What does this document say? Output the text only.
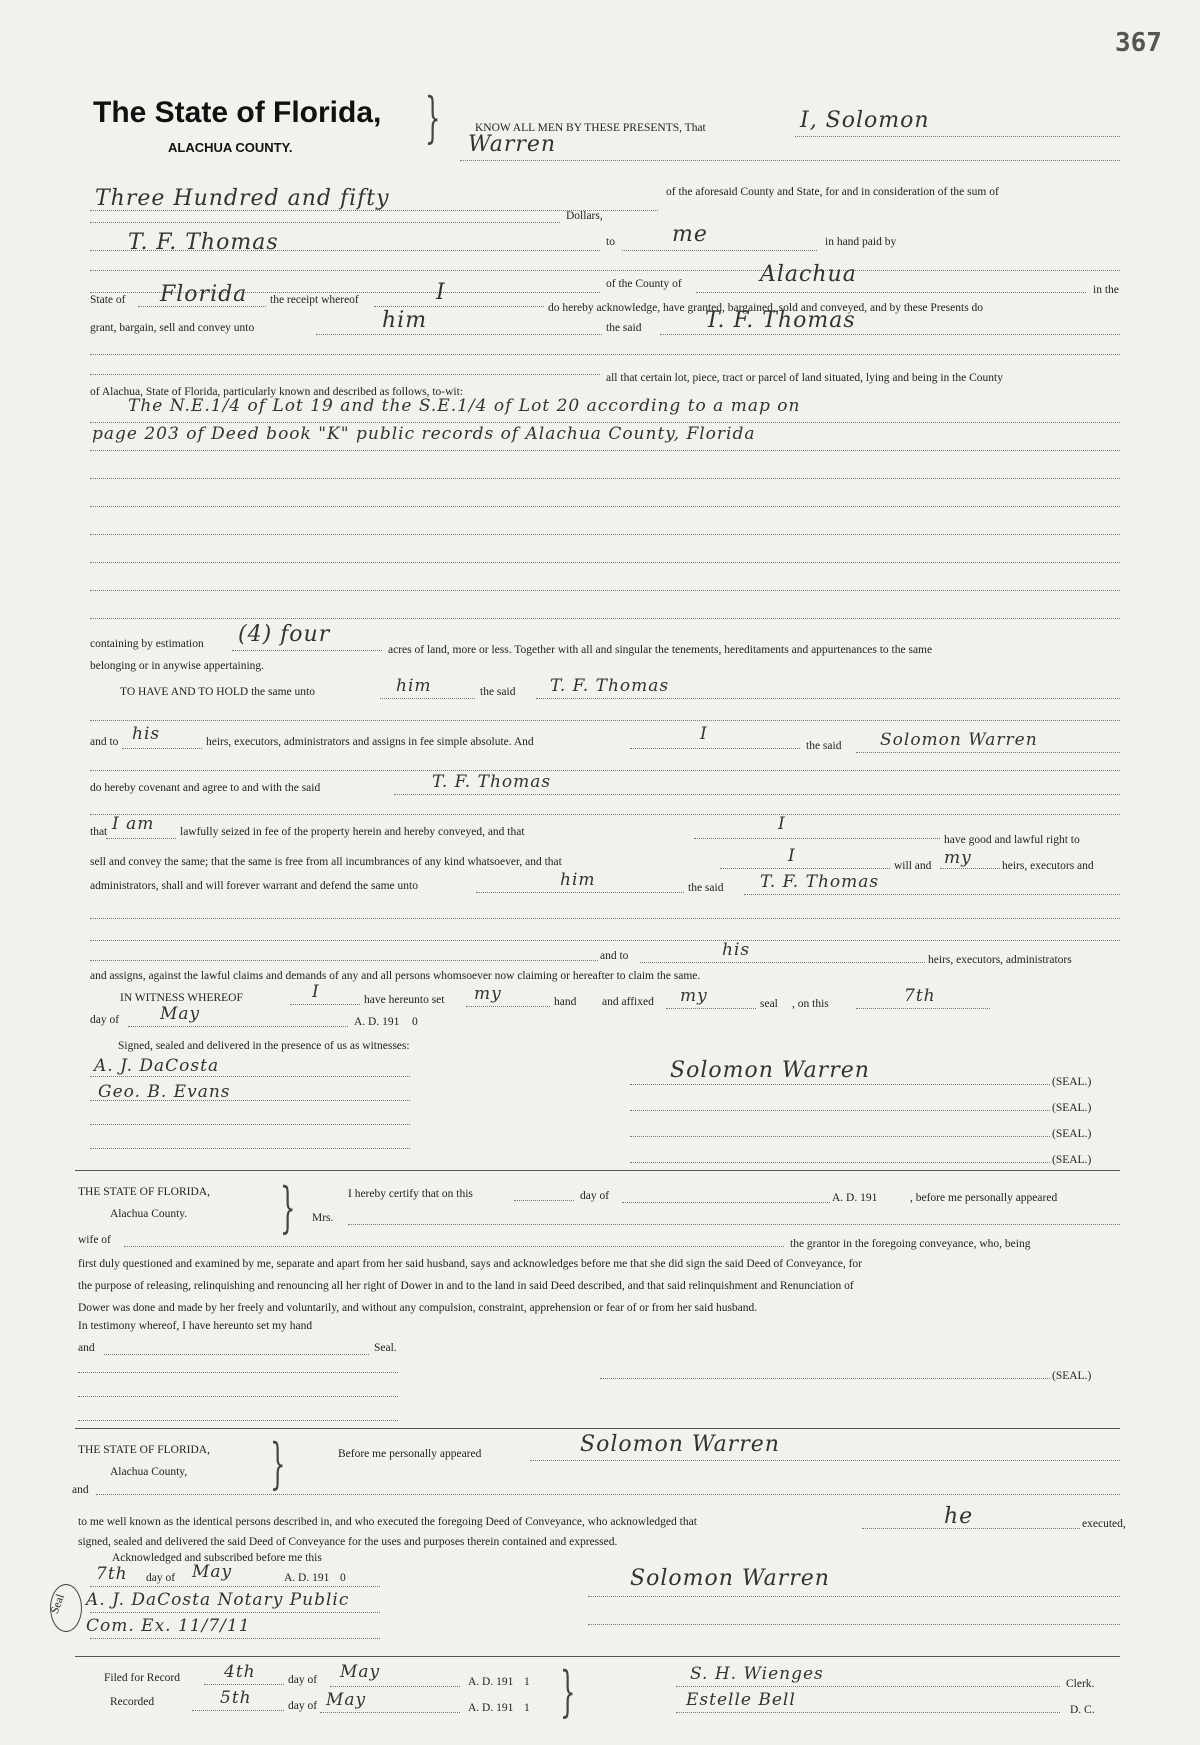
367
The State of Florida,
ALACHUA COUNTY. }	KNOW ALL MEN BY THESE PRESENTS, That	I, Solomon
Warren
Three Hundred and fifty	of the aforesaid County and State, for and in consideration of the sum of
Dollars,
T. F. Thomas	to	me	in hand paid by
of the County of	Alachua
in the
State of Florida the receipt whereof	I
do hereby acknowledge, have granted, bargained, sold and conveyed, and by these Presents do
grant, bargain, sell and convey unto	him	the said	T. F. Thomas
all that certain lot, piece, tract or parcel of land situated, lying and being in the County
of Alachua, State of Florida, particularly known and described as follows, to-wit:
The N.E.1/4 of Lot 19 and the S.E.1/4 of Lot 20 according to a map on
page 203 of Deed book "K" public records of Alachua County, Florida
containing by estimation (4) four
acres of land, more or less. Together with all and singular the tenements, hereditaments and appurtenances to the same
belonging or in anywise appertaining.
TO HAVE AND TO HOLD the same unto	him	the said T. F. Thomas
and to his	heirs, executors, administrators and assigns in fee simple absolute. And	I
the said Solomon Warren
do hereby covenant and agree to and with the said	T. F. Thomas
that I am lawfully seized in fee of the property herein and hereby conveyed, and that	I
have good and lawful right to
sell and convey the same; that the same is free from all incumbrances of any kind whatsoever, and that	I	will and my	heirs, executors and
administrators, shall and will forever warrant and defend the same unto	him	the said T. F. Thomas
and to	his	heirs, executors, administrators
and assigns, against the lawful claims and demands of any and all persons whomsoever now claiming or hereafter to claim the same.
IN WITNESS WHEREOF	I	have hereunto set my	hand and affixed my	seal , on this	7th
day of May	A. D. 191 0
Signed, sealed and delivered in the presence of us as witnesses:
A. J. DaCosta
Geo. B. Evans
Solomon Warren	(SEAL.)
(SEAL.)
(SEAL.)
(SEAL.)
THE STATE OF FLORIDA,
Alachua County. }	I hereby certify that on this	day of	A. D. 191	, before me personally appeared
Mrs.
wife of	the grantor in the foregoing conveyance, who, being
first duly questioned and examined by me, separate and apart from her said husband, says and acknowledges before me that she did sign the said Deed of Conveyance, for
the purpose of releasing, relinquishing and renouncing all her right of Dower in and to the land in said Deed described, and that said relinquishment and Renunciation of
Dower was done and made by her freely and voluntarily, and without any compulsion, constraint, apprehension or fear of or from her said husband.
In testimony whereof, I have hereunto set my hand
and	Seal.
(SEAL.)
THE STATE OF FLORIDA,
Alachua County, }	Before me personally appeared	Solomon Warren
and
to me well known as the identical persons described in, and who executed the foregoing Deed of Conveyance, who acknowledged that	he	executed,
signed, sealed and delivered the said Deed of Conveyance for the uses and purposes therein contained and expressed.
Acknowledged and subscribed before me this
Seal
7th day of May	A. D. 191 0
A. J. DaCosta Notary Public
Com. Ex. 11/7/11
Solomon Warren
Filed for Record	4th	day of May	A. D. 191 1
Recorded	5th	day of May	A. D. 191 1 }	S. H. Wienges	Clerk.
Estelle Bell	D. C.
